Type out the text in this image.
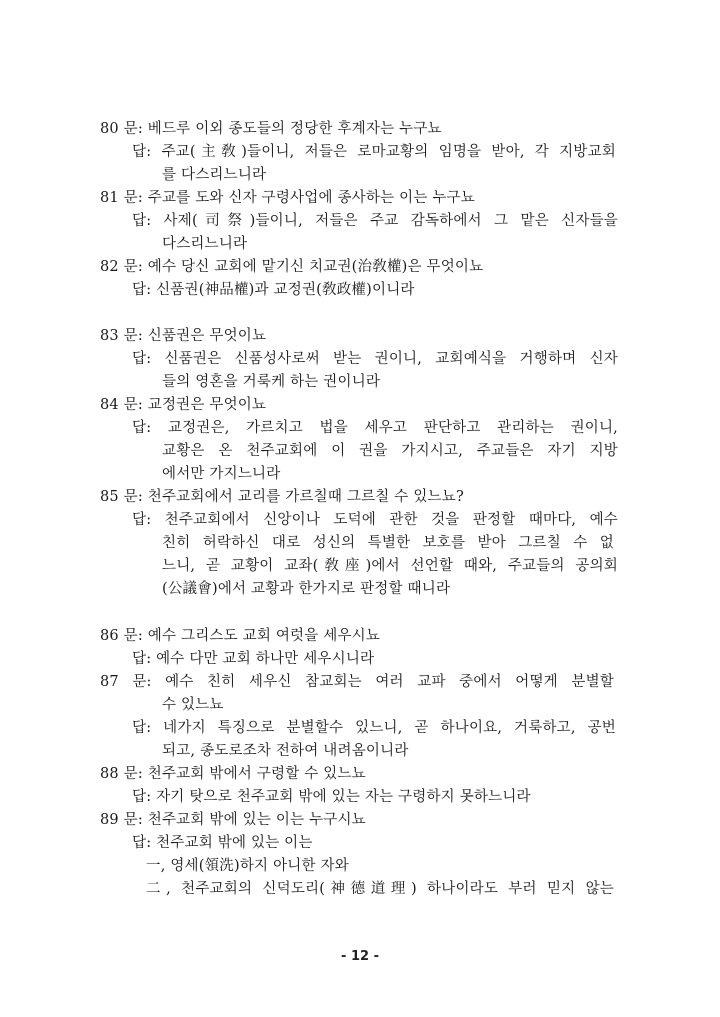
80 문: 베드루 이외 종도들의 정당한 후계자는 누구뇨
답: 주교(主敎)들이니, 저들은 로마교황의 임명을 받아, 각 지방교회
를 다스리느니라
81 문: 주교를 도와 신자 구령사업에 종사하는 이는 누구뇨
답: 사제(司祭)들이니, 저들은 주교 감독하에서 그 맡은 신자들을
다스리느니라
82 문: 예수 당신 교회에 맡기신 치교권(治敎權)은 무엇이뇨
답: 신품권(神品權)과 교정권(敎政權)이니라
83 문: 신품권은 무엇이뇨
답: 신품권은 신품성사로써 받는 권이니, 교회예식을 거행하며 신자
들의 영혼을 거룩케 하는 권이니라
84 문: 교정권은 무엇이뇨
답: 교정권은, 가르치고 법을 세우고 판단하고 관리하는 권이니,
교황은 온 천주교회에 이 권을 가지시고, 주교들은 자기 지방
에서만 가지느니라
85 문: 천주교회에서 교리를 가르칠때 그르칠 수 있느뇨?
답: 천주교회에서 신앙이나 도덕에 관한 것을 판정할 때마다, 예수
친히 허락하신 대로 성신의 특별한 보호를 받아 그르칠 수 없
느니, 곧 교황이 교좌(敎座)에서 선언할 때와, 주교들의 공의회
(公議會)에서 교황과 한가지로 판정할 때니라
86 문: 예수 그리스도 교회 여럿을 세우시뇨
답: 예수 다만 교회 하나만 세우시니라
87 문: 예수 친히 세우신 참교회는 여러 교파 중에서 어떻게 분별할
수 있느뇨
답: 네가지 특징으로 분별할수 있느니, 곧 하나이요, 거룩하고, 공번
되고, 종도로조차 전하여 내려옴이니라
88 문: 천주교회 밖에서 구령할 수 있느뇨
답: 자기 탓으로 천주교회 밖에 있는 자는 구령하지 못하느니라
89 문: 천주교회 밖에 있는 이는 누구시뇨
답: 천주교회 밖에 있는 이는
一, 영세(領洗)하지 아니한 자와
二, 천주교회의 신덕도리(神德道理) 하나이라도 부러 믿지 않는
- 12 -
